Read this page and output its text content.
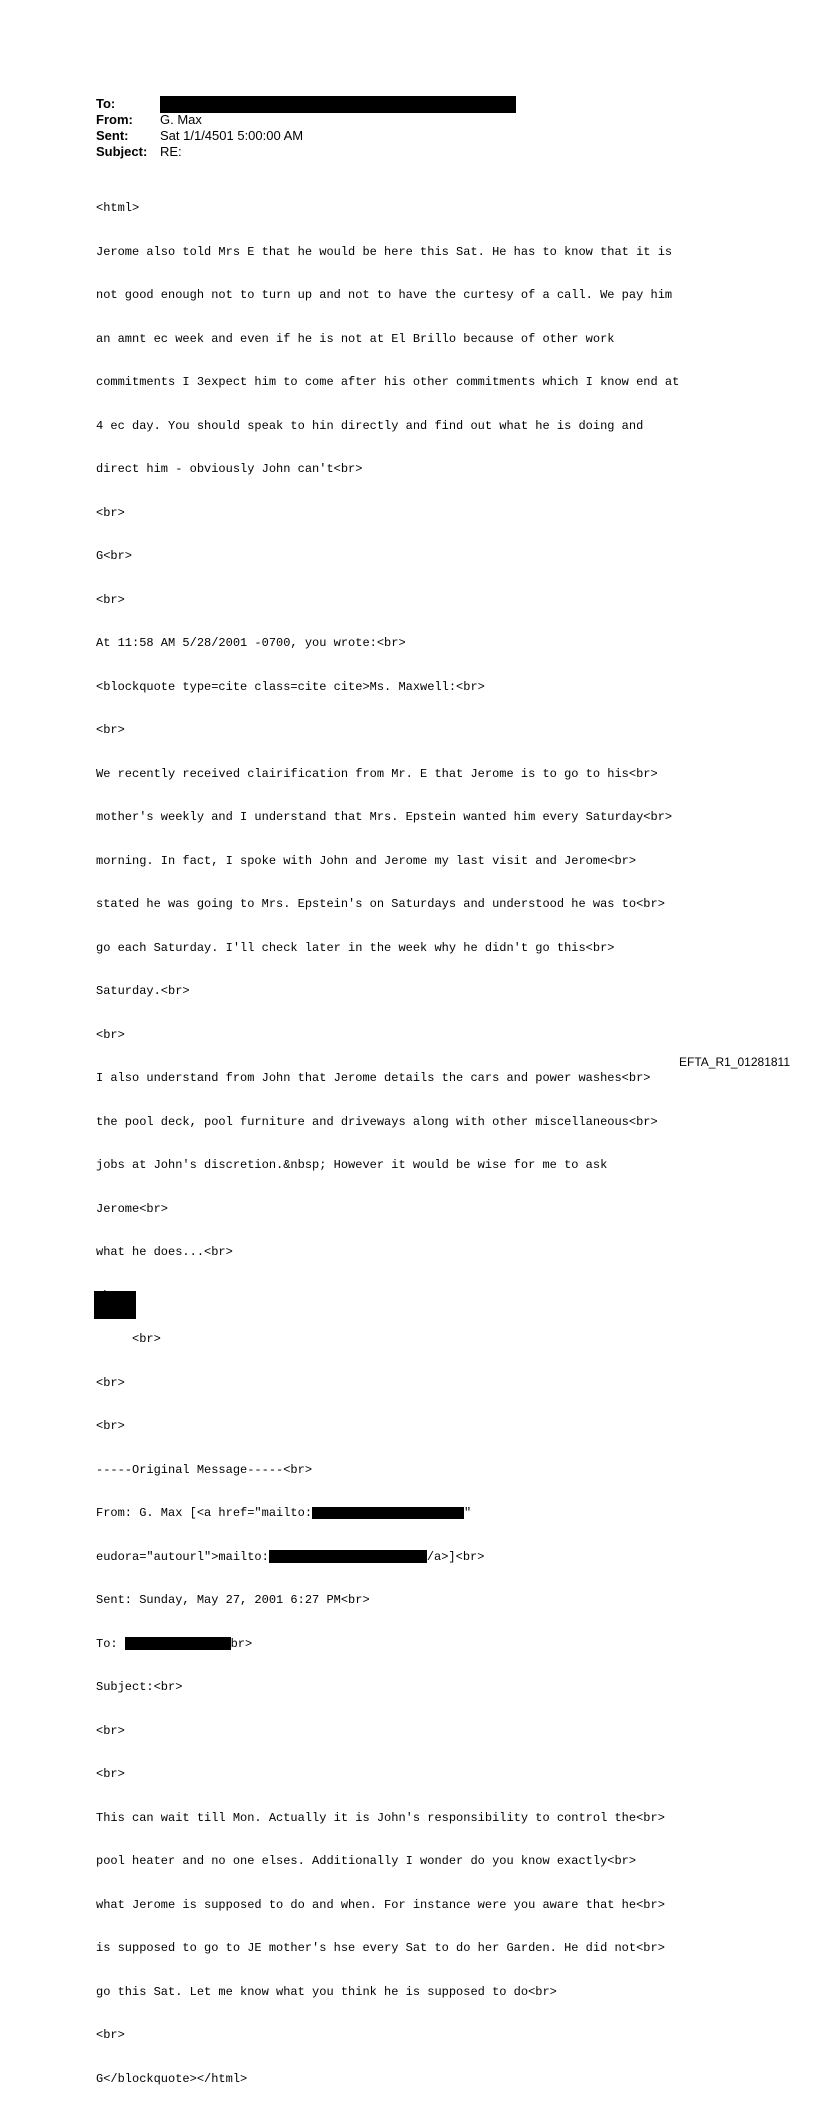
To:
From:	G. Max
Sent:	Sat 1/1/4501 5:00:00 AM
Subject: RE:

<html>

Jerome also told Mrs E that he would be here this Sat. He has to know that it is

not good enough not to turn up and not to have the curtesy of a call. We pay him

an amnt ec week and even if he is not at El Brillo because of other work

commitments I 3expect him to come after his other commitments which I know end at

4 ec day. You should speak to hin directly and find out what he is doing and

direct him - obviously John can't<br>

<br>

G<br>

<br>

At 11:58 AM 5/28/2001 -0700, you wrote:<br>

<blockquote type=cite class=cite cite>Ms. Maxwell:<br>

<br>

We recently received clairification from Mr. E that Jerome is to go to his<br>

mother's weekly and I understand that Mrs. Epstein wanted him every Saturday<br>

morning. In fact, I spoke with John and Jerome my last visit and Jerome<br>

stated he was going to Mrs. Epstein's on Saturdays and understood he was to<br>

go each Saturday. I'll check later in the week why he didn't go this<br>

Saturday.<br>

<br>

I also understand from John that Jerome details the cars and power washes<br>

the pool deck, pool furniture and driveways along with other miscellaneous<br>

jobs at John's discretion.&nbsp; However it would be wise for me to ask

Jerome<br>

what he does...<br>

<br>

<br>

<br>

-----Original Message-----<br>

From: G. Max [<a href="mailto:	"

eudora="autourl">mailto:	/a>]<br>

Sent: Sunday, May 27, 2001 6:27 PM<br>

To:	br>

Subject:<br>

<br>

<br>

This can wait till Mon. Actually it is John's responsibility to control the<br>

pool heater and no one elses. Additionally I wonder do you know exactly<br>

what Jerome is supposed to do and when. For instance were you aware that he<br>

is supposed to go to JE mother's hse every Sat to do her Garden. He did not<br>

go this Sat. Let me know what you think he is supposed to do<br>

<br>

G</blockquote></html>

EFTA_R1_01281811
